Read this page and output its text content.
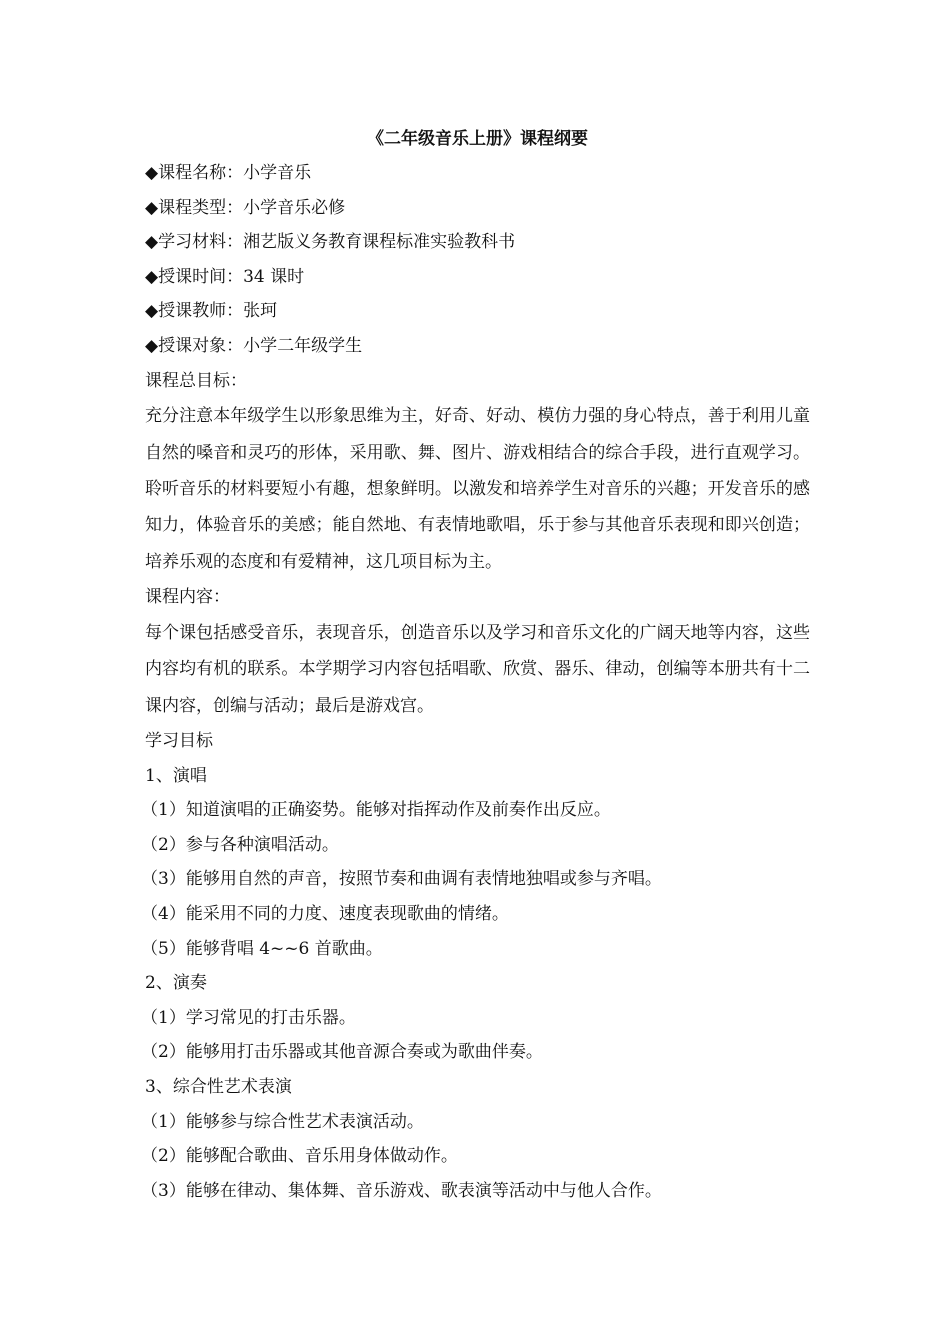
《二年级音乐上册》课程纲要
◆课程名称：小学音乐
◆课程类型：小学音乐必修
◆学习材料：湘艺版义务教育课程标准实验教科书
◆授课时间：34 课时
◆授课教师：张珂
◆授课对象：小学二年级学生
课程总目标：

充分注意本年级学生以形象思维为主，好奇、好动、模仿力强的身心特点，善于利用儿童自然的嗓音和灵巧的形体，采用歌、舞、图片、游戏相结合的综合手段，进行直观学习。聆听音乐的材料要短小有趣，想象鲜明。以激发和培养学生对音乐的兴趣；开发音乐的感知力，体验音乐的美感；能自然地、有表情地歌唱，乐于参与其他音乐表现和即兴创造；培养乐观的态度和有爱精神，这几项目标为主。

课程内容：

每个课包括感受音乐，表现音乐，创造音乐以及学习和音乐文化的广阔天地等内容，这些内容均有机的联系。本学期学习内容包括唱歌、欣赏、器乐、律动，创编等本册共有十二课内容，创编与活动；最后是游戏宫。

学习目标
1、演唱
（1）知道演唱的正确姿势。能够对指挥动作及前奏作出反应。
（2）参与各种演唱活动。
（3）能够用自然的声音，按照节奏和曲调有表情地独唱或参与齐唱。
（4）能采用不同的力度、速度表现歌曲的情绪。
（5）能够背唱 4~~6 首歌曲。
2、演奏
（1）学习常见的打击乐器。
（2）能够用打击乐器或其他音源合奏或为歌曲伴奏。
3、综合性艺术表演
（1）能够参与综合性艺术表演活动。
（2）能够配合歌曲、音乐用身体做动作。
（3）能够在律动、集体舞、音乐游戏、歌表演等活动中与他人合作。
